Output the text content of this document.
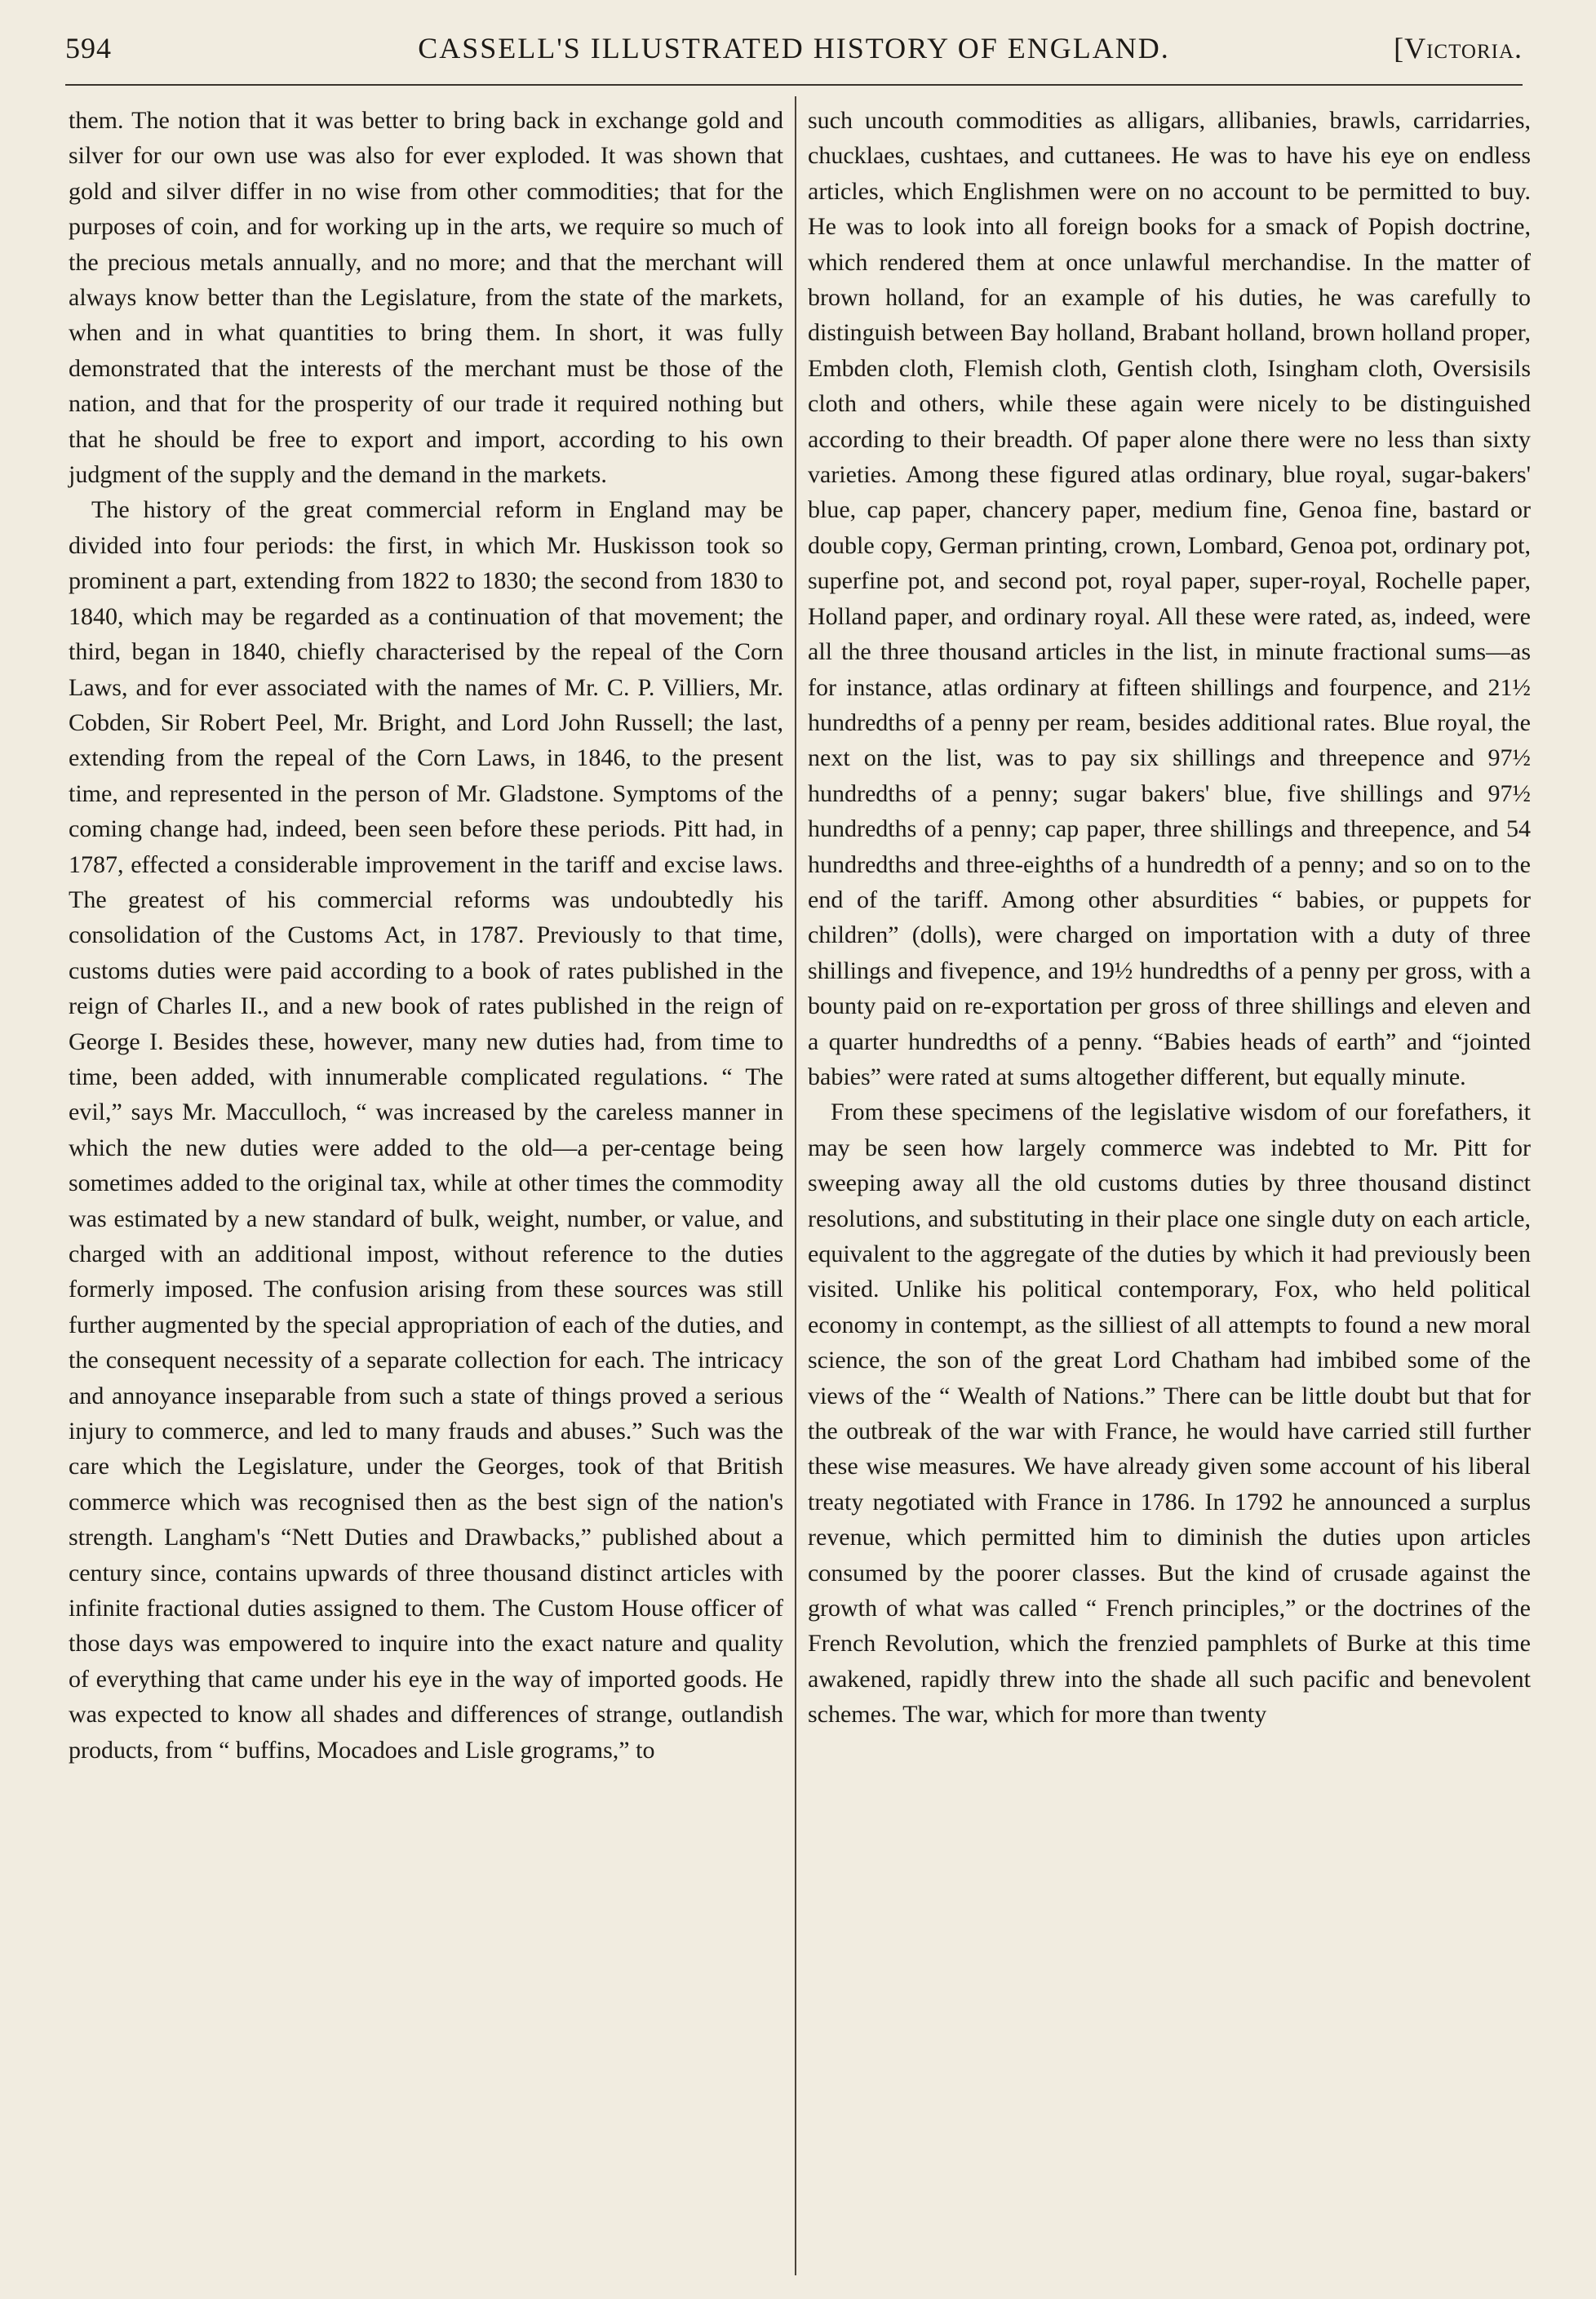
594	CASSELL'S ILLUSTRATED HISTORY OF ENGLAND.	[Victoria.

them. The notion that it was better to bring back in exchange gold and silver for our own use was also for ever exploded. It was shown that gold and silver differ in no wise from other commodities; that for the purposes of coin, and for working up in the arts, we require so much of the precious metals annually, and no more; and that the merchant will always know better than the Legislature, from the state of the markets, when and in what quantities to bring them. In short, it was fully demonstrated that the interests of the merchant must be those of the nation, and that for the prosperity of our trade it required nothing but that he should be free to export and import, according to his own judgment of the supply and the demand in the markets.

The history of the great commercial reform in England may be divided into four periods: the first, in which Mr. Huskisson took so prominent a part, extending from 1822 to 1830; the second from 1830 to 1840, which may be regarded as a continuation of that movement; the third, began in 1840, chiefly characterised by the repeal of the Corn Laws, and for ever associated with the names of Mr. C. P. Villiers, Mr. Cobden, Sir Robert Peel, Mr. Bright, and Lord John Russell; the last, extending from the repeal of the Corn Laws, in 1846, to the present time, and represented in the person of Mr. Gladstone. Symptoms of the coming change had, indeed, been seen before these periods. Pitt had, in 1787, effected a considerable improvement in the tariff and excise laws. The greatest of his commercial reforms was undoubtedly his consolidation of the Customs Act, in 1787. Previously to that time, customs duties were paid according to a book of rates published in the reign of Charles II., and a new book of rates published in the reign of George I. Besides these, however, many new duties had, from time to time, been added, with innumerable complicated regulations. “ The evil,” says Mr. Macculloch, “ was increased by the careless manner in which the new duties were added to the old—a per-centage being sometimes added to the original tax, while at other times the commodity was estimated by a new standard of bulk, weight, number, or value, and charged with an additional impost, without reference to the duties formerly imposed. The confusion arising from these sources was still further augmented by the special appropriation of each of the duties, and the consequent necessity of a separate collection for each. The intricacy and annoyance inseparable from such a state of things proved a serious injury to commerce, and led to many frauds and abuses.” Such was the care which the Legislature, under the Georges, took of that British commerce which was recognised then as the best sign of the nation's strength. Langham's “Nett Duties and Drawbacks,” published about a century since, contains upwards of three thousand distinct articles with infinite fractional duties assigned to them. The Custom House officer of those days was empowered to inquire into the exact nature and quality of everything that came under his eye in the way of imported goods. He was expected to know all shades and differences of strange, outlandish products, from “ buffins, Mocadoes and Lisle grograms,” to

such uncouth commodities as alligars, allibanies, brawls, carridarries, chucklaes, cushtaes, and cuttanees. He was to have his eye on endless articles, which Englishmen were on no account to be permitted to buy. He was to look into all foreign books for a smack of Popish doctrine, which rendered them at once unlawful merchandise. In the matter of brown holland, for an example of his duties, he was carefully to distinguish between Bay holland, Brabant holland, brown holland proper, Embden cloth, Flemish cloth, Gentish cloth, Isingham cloth, Oversisils cloth and others, while these again were nicely to be distinguished according to their breadth. Of paper alone there were no less than sixty varieties. Among these figured atlas ordinary, blue royal, sugar-bakers' blue, cap paper, chancery paper, medium fine, Genoa fine, bastard or double copy, German printing, crown, Lombard, Genoa pot, ordinary pot, superfine pot, and second pot, royal paper, super-royal, Rochelle paper, Holland paper, and ordinary royal. All these were rated, as, indeed, were all the three thousand articles in the list, in minute fractional sums—as for instance, atlas ordinary at fifteen shillings and fourpence, and 21½ hundredths of a penny per ream, besides additional rates. Blue royal, the next on the list, was to pay six shillings and threepence and 97½ hundredths of a penny; sugar bakers' blue, five shillings and 97½ hundredths of a penny; cap paper, three shillings and threepence, and 54 hundredths and three-eighths of a hundredth of a penny; and so on to the end of the tariff. Among other absurdities “ babies, or puppets for children” (dolls), were charged on importation with a duty of three shillings and fivepence, and 19½ hundredths of a penny per gross, with a bounty paid on re-exportation per gross of three shillings and eleven and a quarter hundredths of a penny. “Babies heads of earth” and “jointed babies” were rated at sums altogether different, but equally minute.

From these specimens of the legislative wisdom of our forefathers, it may be seen how largely commerce was indebted to Mr. Pitt for sweeping away all the old customs duties by three thousand distinct resolutions, and substituting in their place one single duty on each article, equivalent to the aggregate of the duties by which it had previously been visited. Unlike his political contemporary, Fox, who held political economy in contempt, as the silliest of all attempts to found a new moral science, the son of the great Lord Chatham had imbibed some of the views of the “ Wealth of Nations.” There can be little doubt but that for the outbreak of the war with France, he would have carried still further these wise measures. We have already given some account of his liberal treaty negotiated with France in 1786. In 1792 he announced a surplus revenue, which permitted him to diminish the duties upon articles consumed by the poorer classes. But the kind of crusade against the growth of what was called “ French principles,” or the doctrines of the French Revolution, which the frenzied pamphlets of Burke at this time awakened, rapidly threw into the shade all such pacific and benevolent schemes. The war, which for more than twenty
